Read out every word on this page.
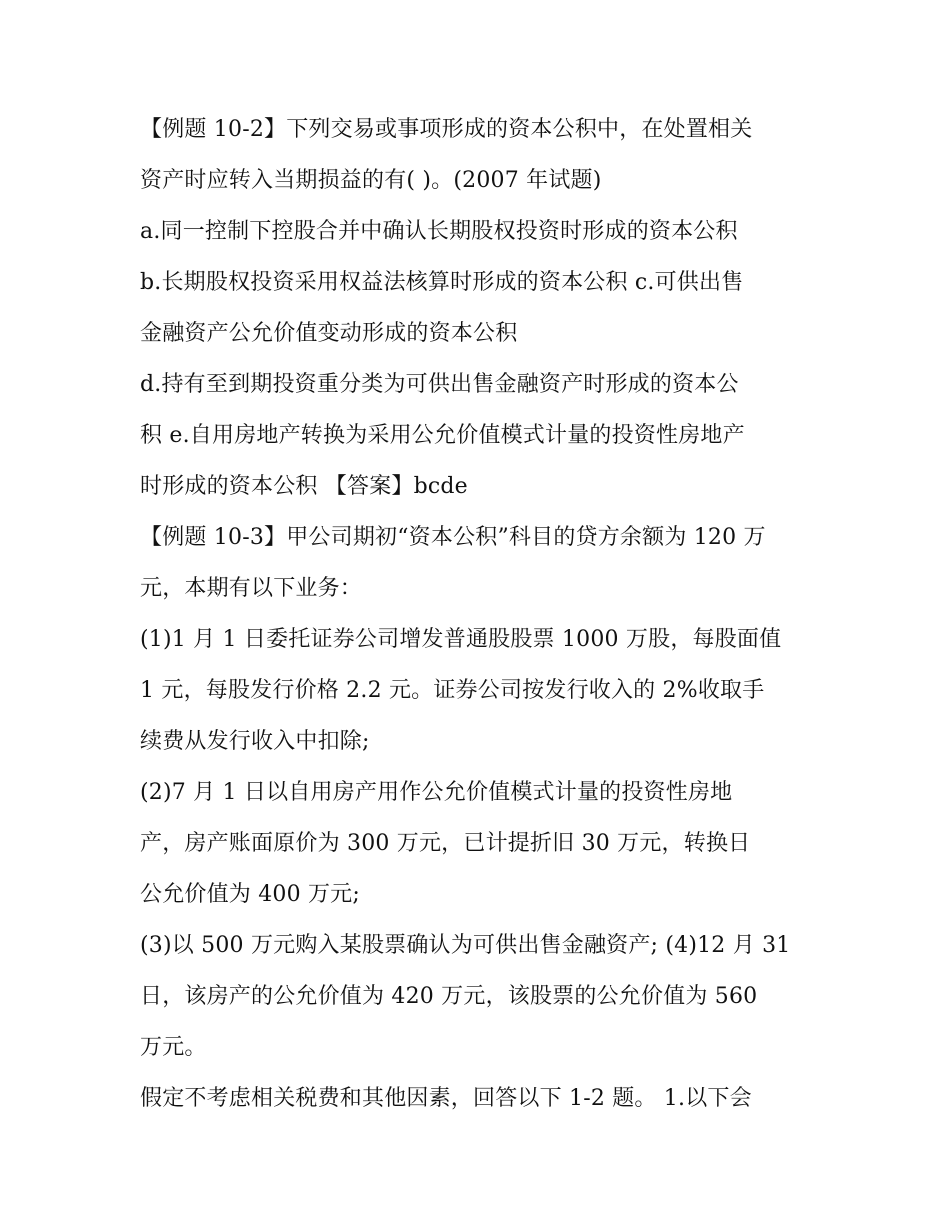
【例题 10-2】下列交易或事项形成的资本公积中，在处置相关
资产时应转入当期损益的有( )。(2007 年试题)
a.同一控制下控股合并中确认长期股权投资时形成的资本公积
b.长期股权投资采用权益法核算时形成的资本公积 c.可供出售
金融资产公允价值变动形成的资本公积
d.持有至到期投资重分类为可供出售金融资产时形成的资本公
积 e.自用房地产转换为采用公允价值模式计量的投资性房地产
时形成的资本公积 【答案】bcde
【例题 10-3】甲公司期初“资本公积”科目的贷方余额为 120 万
元，本期有以下业务：
(1)1 月 1 日委托证券公司增发普通股股票 1000 万股，每股面值
1 元，每股发行价格 2.2 元。证券公司按发行收入的 2%收取手
续费从发行收入中扣除;
(2)7 月 1 日以自用房产用作公允价值模式计量的投资性房地
产，房产账面原价为 300 万元，已计提折旧 30 万元，转换日
公允价值为 400 万元;
(3)以 500 万元购入某股票确认为可供出售金融资产; (4)12 月 31
日，该房产的公允价值为 420 万元，该股票的公允价值为 560
万元。
假定不考虑相关税费和其他因素，回答以下 1-2 题。 1.以下会
